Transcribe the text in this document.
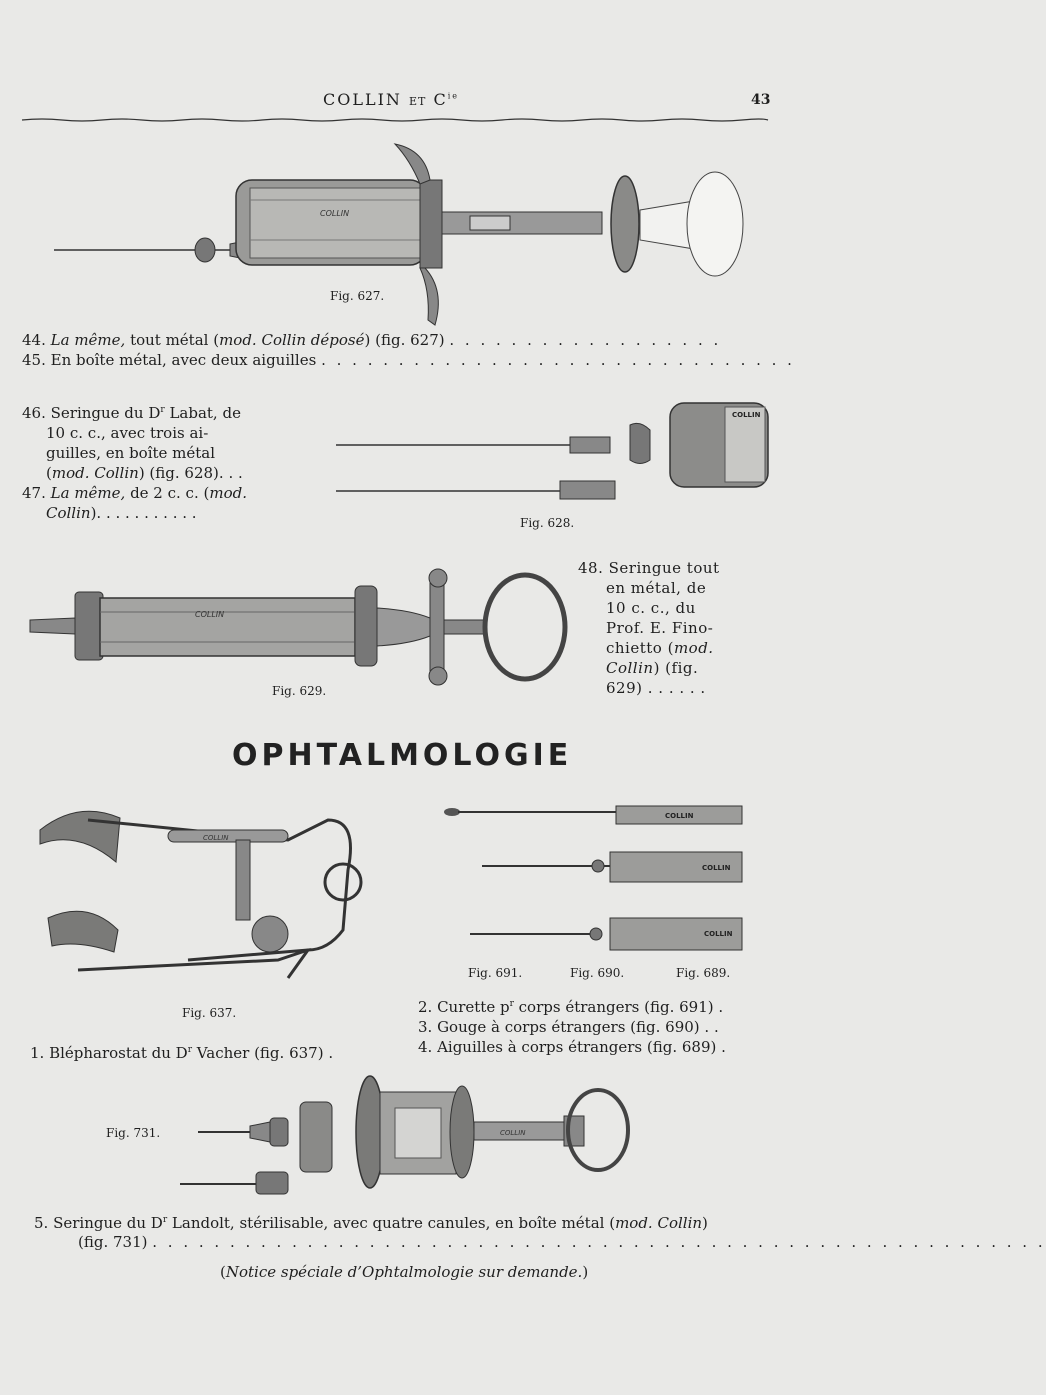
COLLIN ET $C^{ie}$	43
COLLIN
Fig. 627.
44. La même, tout métal (mod. Collin déposé) (fig. 627) . . . . . . . . . . . . . . . . . .
45. En boîte métal, avec deux aiguilles . . . . . . . . . . . . . . . . . . . . . . . . . . . . . . .
46. Seringue du $D^r$ Labat, de
10 c. c., avec trois ai-
guilles, en boîte métal
(mod. Collin) (fig. 628). . .
47. La même, de 2 c. c. (mod.
Collin). . . . . . . . . . .
COLLIN
Fig. 628.
COLLIN
Fig. 629.
48. Seringue tout
en métal, de
10 c. c., du
Prof. E. Fino-
chietto (mod.
Collin) (fig.
629) . . . . . .
OPHTALMOLOGIE
COLLIN
Fig. 637.
COLLIN
COLLIN
COLLIN
Fig. 691.	Fig. 690.	Fig. 689.
2. Curette $p^r$ corps étrangers (fig. 691) .
3. Gouge à corps étrangers (fig. 690) . .
4. Aiguilles à corps étrangers (fig. 689) .
1. Blépharostat du $D^r$ Vacher (fig. 637) .
Fig. 731.	COLLIN
5. Seringue du $D^r$ Landolt, stérilisable, avec quatre canules, en boîte métal (mod. Collin)
(fig. 731) . . . . . . . . . . . . . . . . . . . . . . . . . . . . . . . . . . . . . . . . . . . . . . . . . . . . . . . . . .
(Notice spéciale d’Ophtalmologie sur demande.)
